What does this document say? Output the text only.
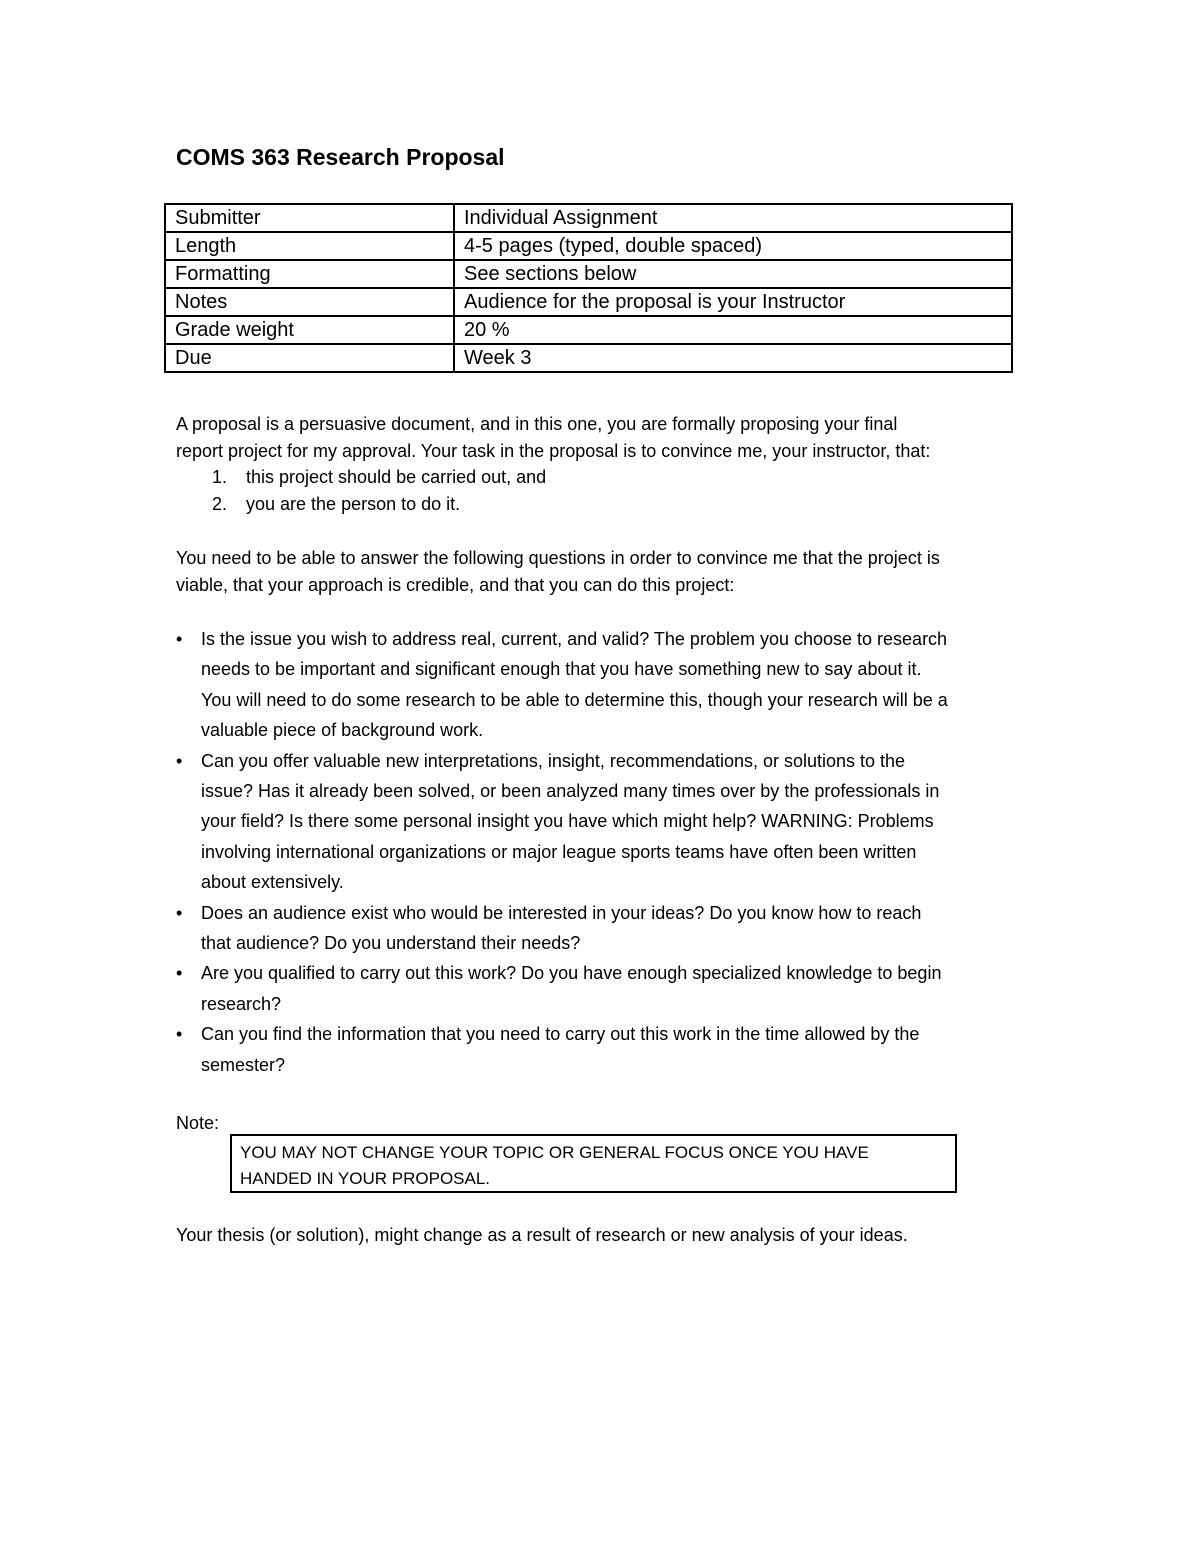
COMS 363 Research Proposal
Submitter	Individual Assignment
Length	4-5 pages (typed, double spaced)
Formatting	See sections below
Notes	Audience for the proposal is your Instructor
Grade weight	20 %
Due	Week 3
A proposal is a persuasive document, and in this one, you are formally proposing your final
report project for my approval. Your task in the proposal is to convince me, your instructor, that:
1. this project should be carried out, and
2. you are the person to do it.
You need to be able to answer the following questions in order to convince me that the project is
viable, that your approach is credible, and that you can do this project:
• Is the issue you wish to address real, current, and valid? The problem you choose to research
needs to be important and significant enough that you have something new to say about it.
You will need to do some research to be able to determine this, though your research will be a
valuable piece of background work.
• Can you offer valuable new interpretations, insight, recommendations, or solutions to the
issue? Has it already been solved, or been analyzed many times over by the professionals in
your field? Is there some personal insight you have which might help? WARNING: Problems
involving international organizations or major league sports teams have often been written
about extensively.
• Does an audience exist who would be interested in your ideas? Do you know how to reach
that audience? Do you understand their needs?
• Are you qualified to carry out this work? Do you have enough specialized knowledge to begin
research?
• Can you find the information that you need to carry out this work in the time allowed by the
semester?
Note:
YOU MAY NOT CHANGE YOUR TOPIC OR GENERAL FOCUS ONCE YOU HAVE
HANDED IN YOUR PROPOSAL.
Your thesis (or solution), might change as a result of research or new analysis of your ideas.
